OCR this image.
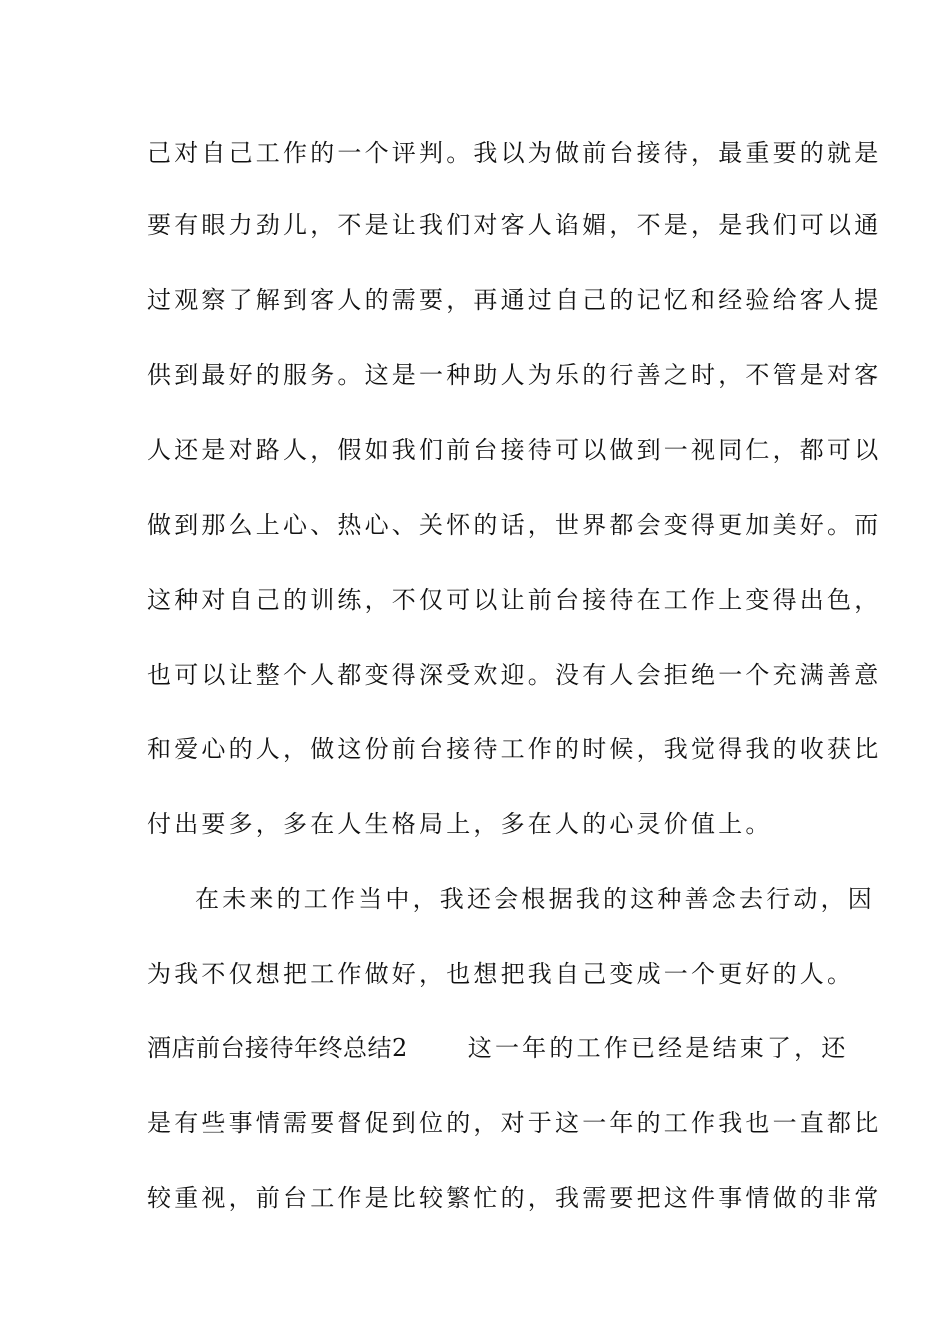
己对自己工作的一个评判。我以为做前台接待，最重要的就是
要有眼力劲儿，不是让我们对客人谄媚，不是，是我们可以通
过观察了解到客人的需要，再通过自己的记忆和经验给客人提
供到最好的服务。这是一种助人为乐的行善之时，不管是对客
人还是对路人，假如我们前台接待可以做到一视同仁，都可以
做到那么上心、热心、关怀的话，世界都会变得更加美好。而
这种对自己的训练，不仅可以让前台接待在工作上变得出色，
也可以让整个人都变得深受欢迎。没有人会拒绝一个充满善意
和爱心的人，做这份前台接待工作的时候，我觉得我的收获比
付出要多，多在人生格局上，多在人的心灵价值上。
在未来的工作当中，我还会根据我的这种善念去行动，因
为我不仅想把工作做好，也想把我自己变成一个更好的人。
酒店前台接待年终总结2	这一年的工作已经是结束了，还
是有些事情需要督促到位的，对于这一年的工作我也一直都比
较重视，前台工作是比较繁忙的，我需要把这件事情做的非常
